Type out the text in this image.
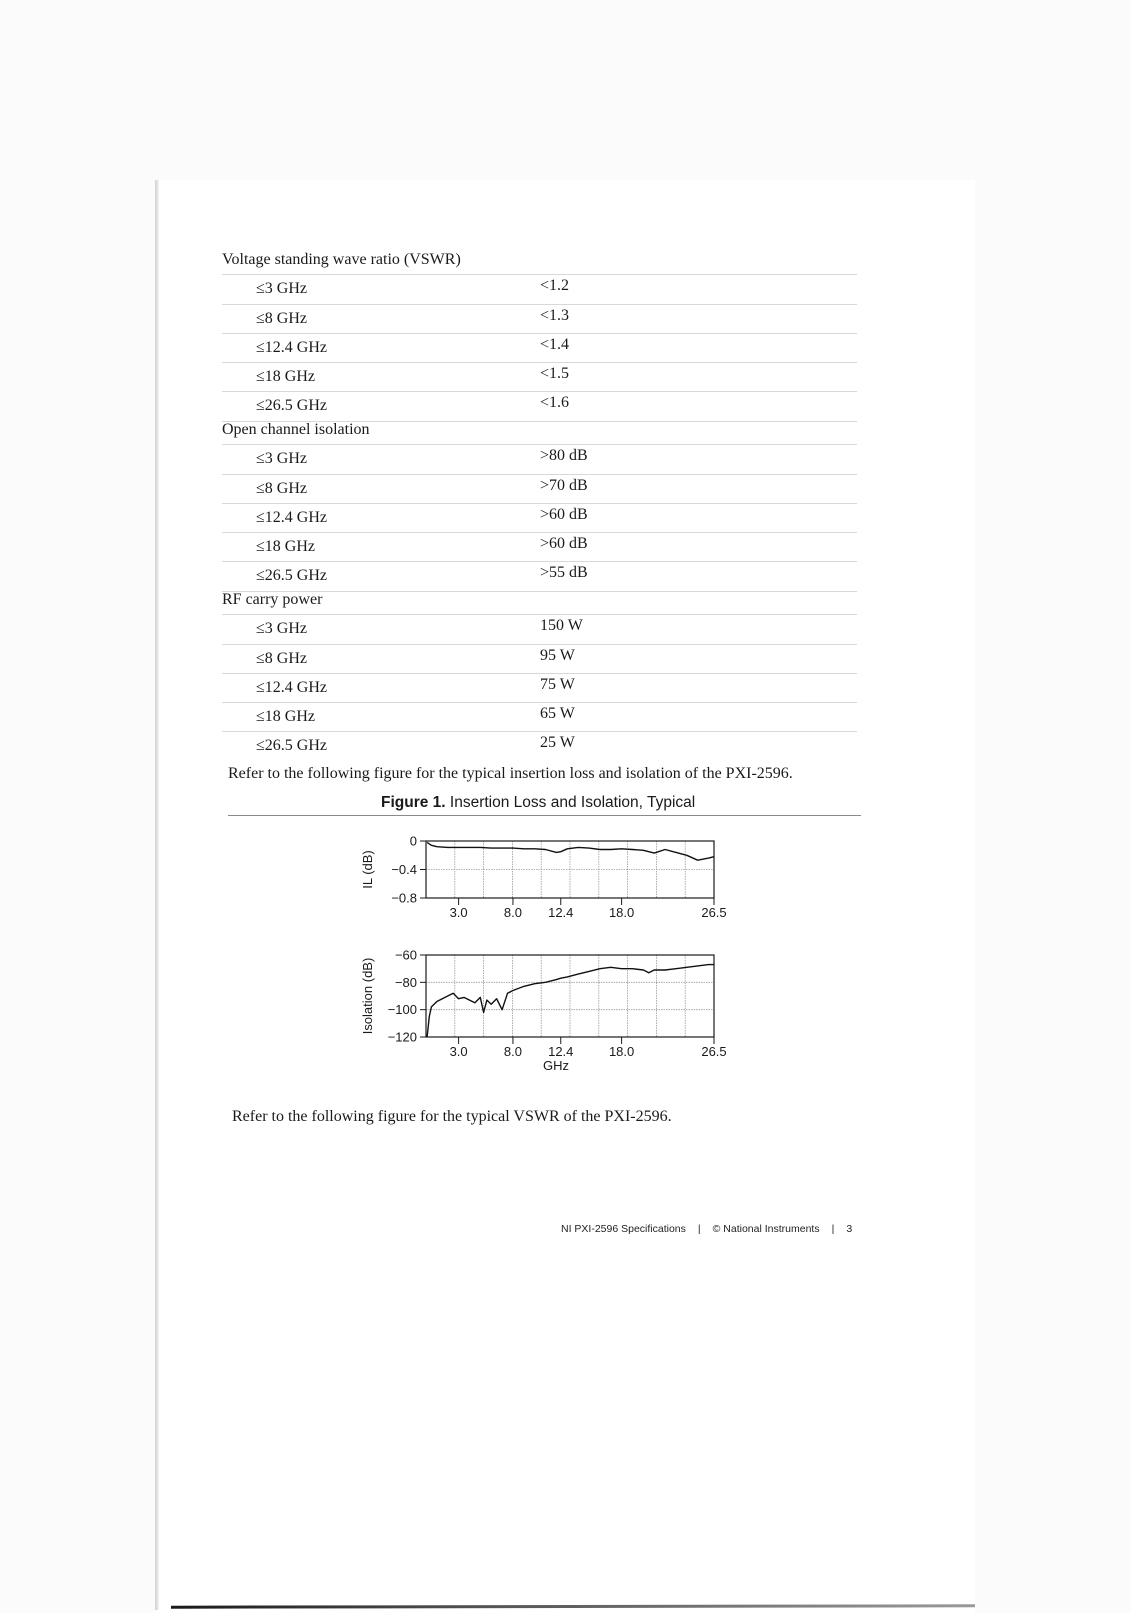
Voltage standing wave ratio (VSWR)
≤3 GHz	<1.2
≤8 GHz	<1.3
≤12.4 GHz	<1.4
≤18 GHz	<1.5
≤26.5 GHz	<1.6
Open channel isolation
≤3 GHz	>80 dB
≤8 GHz	>70 dB
≤12.4 GHz	>60 dB
≤18 GHz	>60 dB
≤26.5 GHz	>55 dB
RF carry power
≤3 GHz	150 W
≤8 GHz	95 W
≤12.4 GHz	75 W
≤18 GHz	65 W
≤26.5 GHz	25 W
Refer to the following figure for the typical insertion loss and isolation of the PXI-2596.
Figure 1. Insertion Loss and Isolation, Typical
0
−0.4
−0.8
3.0	8.0 12.4	18.0	26.5
IL (dB)
−60
−80
−100
−120
3.0	8.0 12.4	18.0	26.5
Isolation (dB)
GHz
Refer to the following figure for the typical VSWR of the PXI-2596.
NI PXI-2596 Specifications | © National Instruments | 3
